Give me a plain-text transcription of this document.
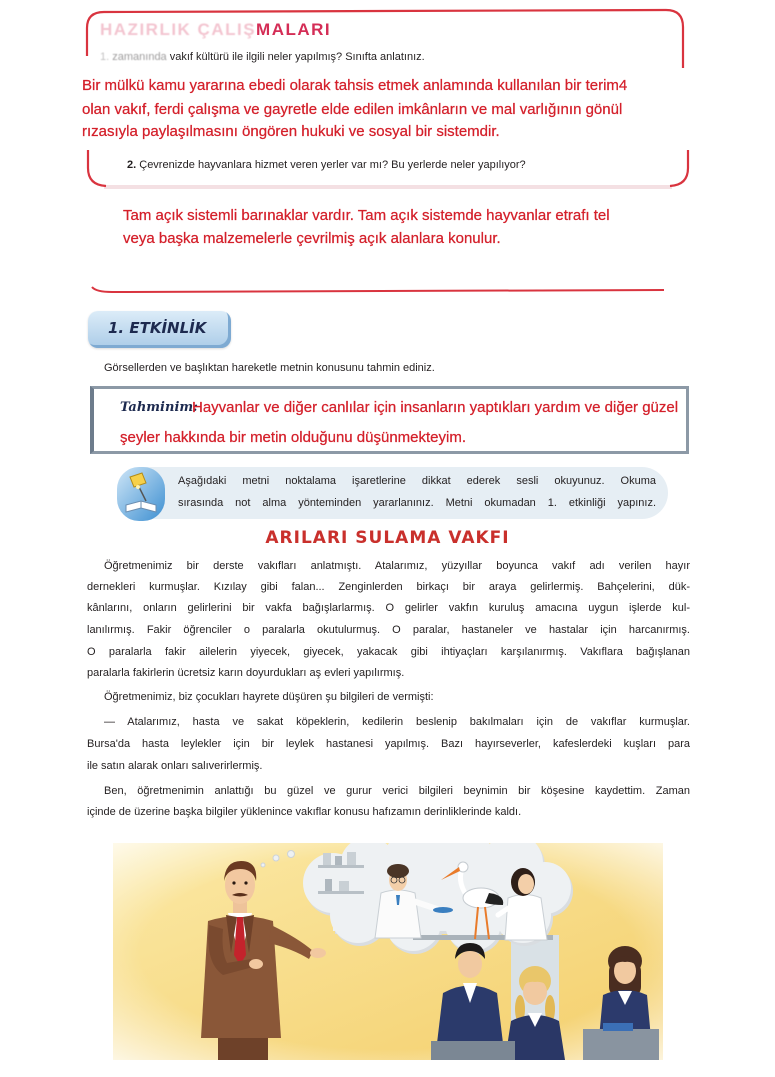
HAZIRLIK ÇALIŞMALARI
1. zamanında vakıf kültürü ile ilgili neler yapılmış? Sınıfta anlatınız.
Bir mülkü kamu yararına ebedi olarak tahsis etmek anlamında kullanılan bir terim4
olan vakıf, ferdi çalışma ve gayretle elde edilen imkânların ve mal varlığının gönül
rızasıyla paylaşılmasını öngören hukuki ve sosyal bir sistemdir.
2. Çevrenizde hayvanlara hizmet veren yerler var mı? Bu yerlerde neler yapılıyor?
Tam açık sistemli barınaklar vardır. Tam açık sistemde hayvanlar etrafı tel
veya başka malzemelerle çevrilmiş açık alanlara konulur.
1. ETKİNLİK
Görsellerden ve başlıktan hareketle metnin konusunu tahmin ediniz.
Tahminim:
Hayvanlar ve diğer canlılar için insanların yaptıkları yardım ve diğer güzel
şeyler hakkında bir metin olduğunu düşünmekteyim.
Aşağıdaki metni noktalama işaretlerine dikkat ederek sesli okuyunuz. Okuma
sırasında not alma yönteminden yararlanınız. Metni okumadan 1. etkinliği yapınız.
ARILARI SULAMA VAKFI
Öğretmenimiz bir derste vakıfları anlatmıştı. Atalarımız, yüzyıllar boyunca vakıf adı verilen hayır
dernekleri kurmuşlar. Kızılay gibi falan... Zenginlerden birkaçı bir araya gelirlermiş. Bahçelerini, dük-
kânlarını, onların gelirlerini bir vakfa bağışlarlarmış. O gelirler vakfın kuruluş amacına uygun işlerde kul-
lanılırmış. Fakir öğrenciler o paralarla okutulurmuş. O paralar, hastaneler ve hastalar için harcanırmış.
O paralarla fakir ailelerin yiyecek, giyecek, yakacak gibi ihtiyaçları karşılanırmış. Vakıflara bağışlanan
paralarla fakirlerin ücretsiz karın doyurdukları aş evleri yapılırmış.
Öğretmenimiz, biz çocukları hayrete düşüren şu bilgileri de vermişti:
— Atalarımız, hasta ve sakat köpeklerin, kedilerin beslenip bakılmaları için de vakıflar kurmuşlar.
Bursa'da hasta leylekler için bir leylek hastanesi yapılmış. Bazı hayırseverler, kafeslerdeki kuşları para
ile satın alarak onları salıverirlermiş.
Ben, öğretmenimin anlattığı bu güzel ve gurur verici bilgileri beynimin bir köşesine kaydettim. Zaman
içinde de üzerine başka bilgiler yüklenince vakıflar konusu hafızamın derinliklerinde kaldı.
